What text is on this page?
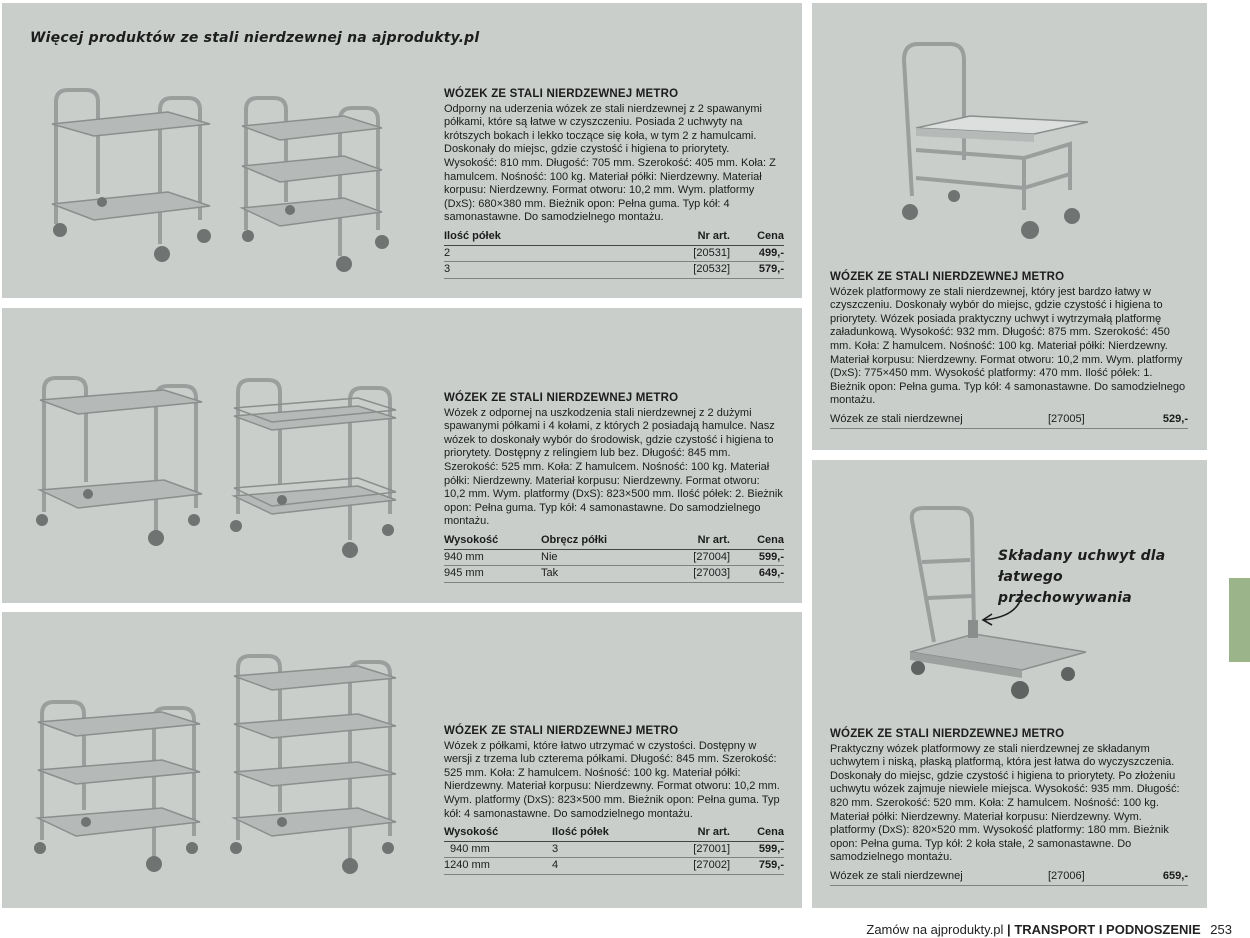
Więcej produktów ze stali nierdzewnej na ajprodukty.pl
WÓZEK ZE STALI NIERDZEWNEJ METRO

Odporny na uderzenia wózek ze stali nierdzewnej z 2 spawanymi półkami, które są łatwe w czyszczeniu. Posiada 2 uchwyty na krótszych bokach i lekko toczące się koła, w tym 2 z hamulcami. Doskonały do miejsc, gdzie czystość i higiena to priorytety. Wysokość: 810 mm. Długość: 705 mm. Szerokość: 405 mm. Koła: Z hamulcem. Nośność: 100 kg. Materiał półki: Nierdzewny. Materiał korpusu: Nierdzewny. Format otworu: 10,2 mm. Wym. platformy (DxS): 680×380 mm. Bieżnik opon: Pełna guma. Typ kół: 4 samonastawne. Do samodzielnego montażu.

Ilość półek	Nr art.	Cena
2	[20531]	499,-
3	[20532]	579,-
WÓZEK ZE STALI NIERDZEWNEJ METRO

Wózek z odpornej na uszkodzenia stali nierdzewnej z 2 dużymi spawanymi półkami i 4 kołami, z których 2 posiadają hamulce. Nasz wózek to doskonały wybór do środowisk, gdzie czystość i higiena to priorytety. Dostępny z relingiem lub bez. Długość: 845 mm. Szerokość: 525 mm. Koła: Z hamulcem. Nośność: 100 kg. Materiał półki: Nierdzewny. Materiał korpusu: Nierdzewny. Format otworu: 10,2 mm. Wym. platformy (DxS): 823×500 mm. Ilość półek: 2. Bieżnik opon: Pełna guma. Typ kół: 4 samonastawne. Do samodzielnego montażu.

Wysokość	Obręcz półki	Nr art.	Cena
940 mm	Nie	[27004]	599,-
945 mm	Tak	[27003]	649,-
WÓZEK ZE STALI NIERDZEWNEJ METRO

Wózek z półkami, które łatwo utrzymać w czystości. Dostępny w wersji z trzema lub czterema półkami. Długość: 845 mm. Szerokość: 525 mm. Koła: Z hamulcem. Nośność: 100 kg. Materiał półki: Nierdzewny. Materiał korpusu: Nierdzewny. Format otworu: 10,2 mm. Wym. platformy (DxS): 823×500 mm. Bieżnik opon: Pełna guma. Typ kół: 4 samonastawne. Do samodzielnego montażu.

Wysokość	Ilość półek	Nr art.	Cena
940 mm	3	[27001]	599,-
1240 mm	4	[27002]	759,-
WÓZEK ZE STALI NIERDZEWNEJ METRO

Wózek platformowy ze stali nierdzewnej, który jest bardzo łatwy w czyszczeniu. Doskonały wybór do miejsc, gdzie czystość i higiena to priorytety. Wózek posiada praktyczny uchwyt i wytrzymałą platformę załadunkową. Wysokość: 932 mm. Długość: 875 mm. Szerokość: 450 mm. Koła: Z hamulcem. Nośność: 100 kg. Materiał półki: Nierdzewny. Materiał korpusu: Nierdzewny. Format otworu: 10,2 mm. Wym. platformy (DxS): 775×450 mm. Wysokość platformy: 470 mm. Ilość półek: 1. Bieżnik opon: Pełna guma. Typ kół: 4 samonastawne. Do samodzielnego montażu.

Wózek ze stali nierdzewnej	[27005]	529,-
Składany uchwyt dla łatwego przechowywania
WÓZEK ZE STALI NIERDZEWNEJ METRO

Praktyczny wózek platformowy ze stali nierdzewnej ze składanym uchwytem i niską, płaską platformą, która jest łatwa do wyczyszczenia. Doskonały do miejsc, gdzie czystość i higiena to priorytety. Po złożeniu uchwytu wózek zajmuje niewiele miejsca. Wysokość: 935 mm. Długość: 820 mm. Szerokość: 520 mm. Koła: Z hamulcem. Nośność: 100 kg. Materiał półki: Nierdzewny. Materiał korpusu: Nierdzewny. Wym. platformy (DxS): 820×520 mm. Wysokość platformy: 180 mm. Bieżnik opon: Pełna guma. Typ kół: 2 koła stałe, 2 samonastawne. Do samodzielnego montażu.

Wózek ze stali nierdzewnej	[27006]	659,-
Zamów na ajprodukty.pl | TRANSPORT I PODNOSZENIE 253
